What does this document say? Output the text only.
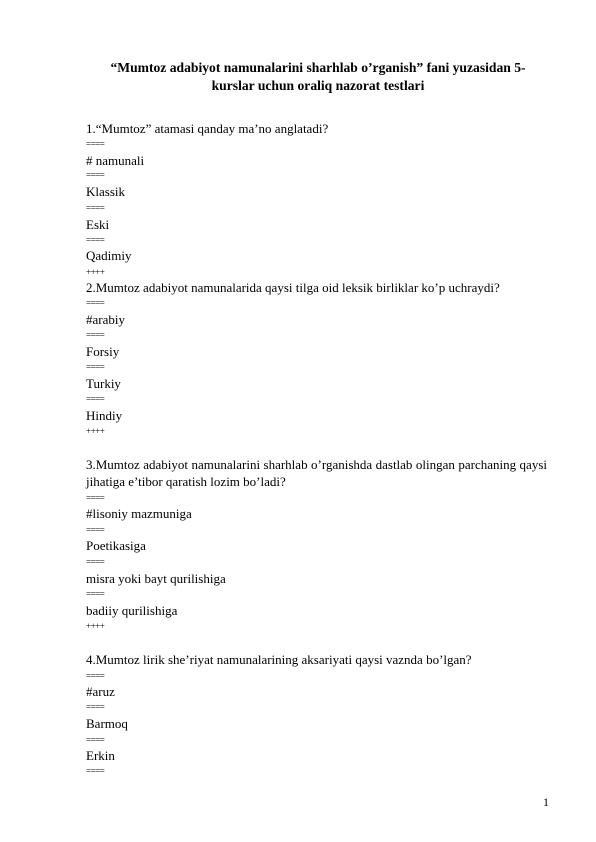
“Mumtoz adabiyot namunalarini sharhlab o’rganish” fani yuzasidan 5-
kurslar uchun oraliq nazorat testlari
1.“Mumtoz” atamasi qanday ma’no anglatadi?
====
# namunali
====
Klassik
====
Eski
====
Qadimiy
++++
2.Mumtoz adabiyot namunalarida qaysi tilga oid leksik birliklar ko’p uchraydi?
====
#arabiy
====
Forsiy
====
Turkiy
====
Hindiy
++++
3.Mumtoz adabiyot namunalarini sharhlab o’rganishda dastlab olingan parchaning qaysi jihatiga e’tibor qaratish lozim bo’ladi?
====
#lisoniy mazmuniga
====
Poetikasiga
====
misra yoki bayt qurilishiga
====
badiiy qurilishiga
++++
4.Mumtoz lirik she’riyat namunalarining aksariyati qaysi vaznda bo’lgan?
====
#aruz
====
Barmoq
====
Erkin
====
1
